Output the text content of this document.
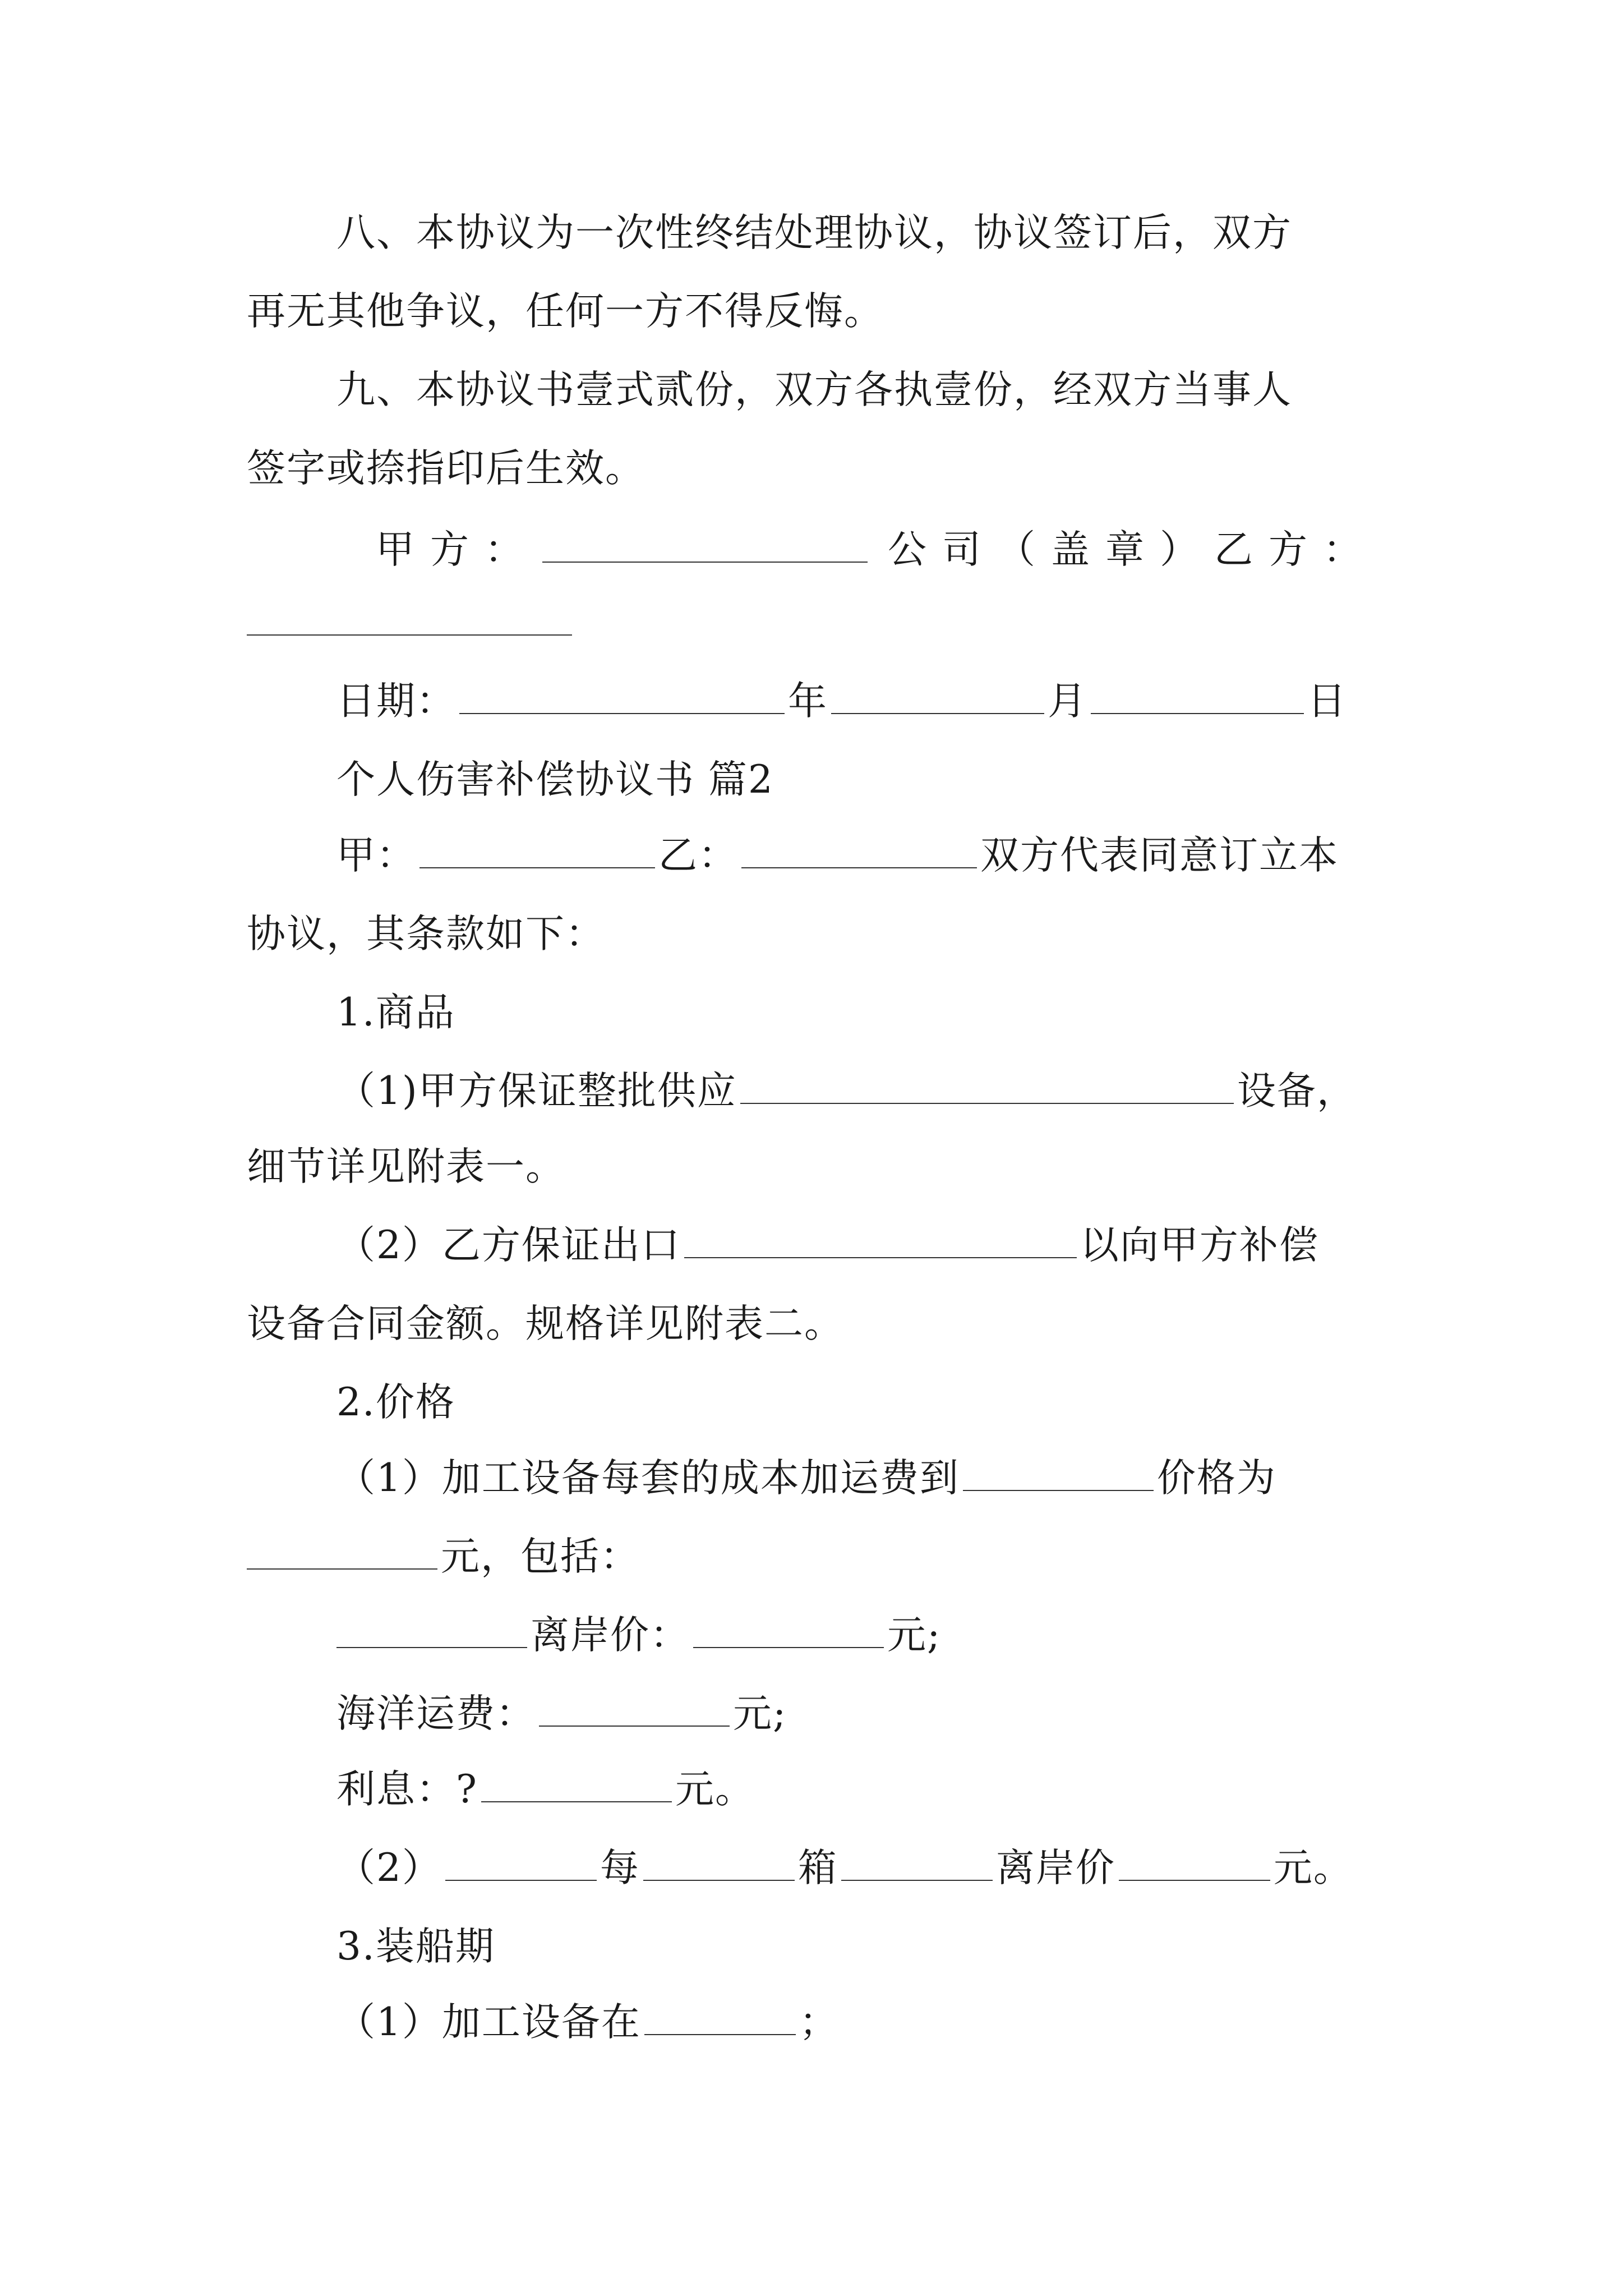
八、本协议为一次性终结处理协议，协议签订后，双方
再无其他争议，任何一方不得反悔。
九、本协议书壹式贰份，双方各执壹份，经双方当事人
签字或捺指印后生效。
甲方：	公司（盖章）乙方：
日期：	年	月	日
个人伤害补偿协议书 篇2
甲：	乙：	双方代表同意订立本
协议，其条款如下：
1.商品
（1)甲方保证整批供应	设备，
细节详见附表一。
（2）乙方保证出口	以向甲方补偿
设备合同金额。规格详见附表二。
2.价格
（1）加工设备每套的成本加运费到	价格为
元，包括：
离岸价：	元;
海洋运费：	元;
利息：?	元。
（2）	每	箱	离岸价	元。
3.装船期
（1）加工设备在	；
